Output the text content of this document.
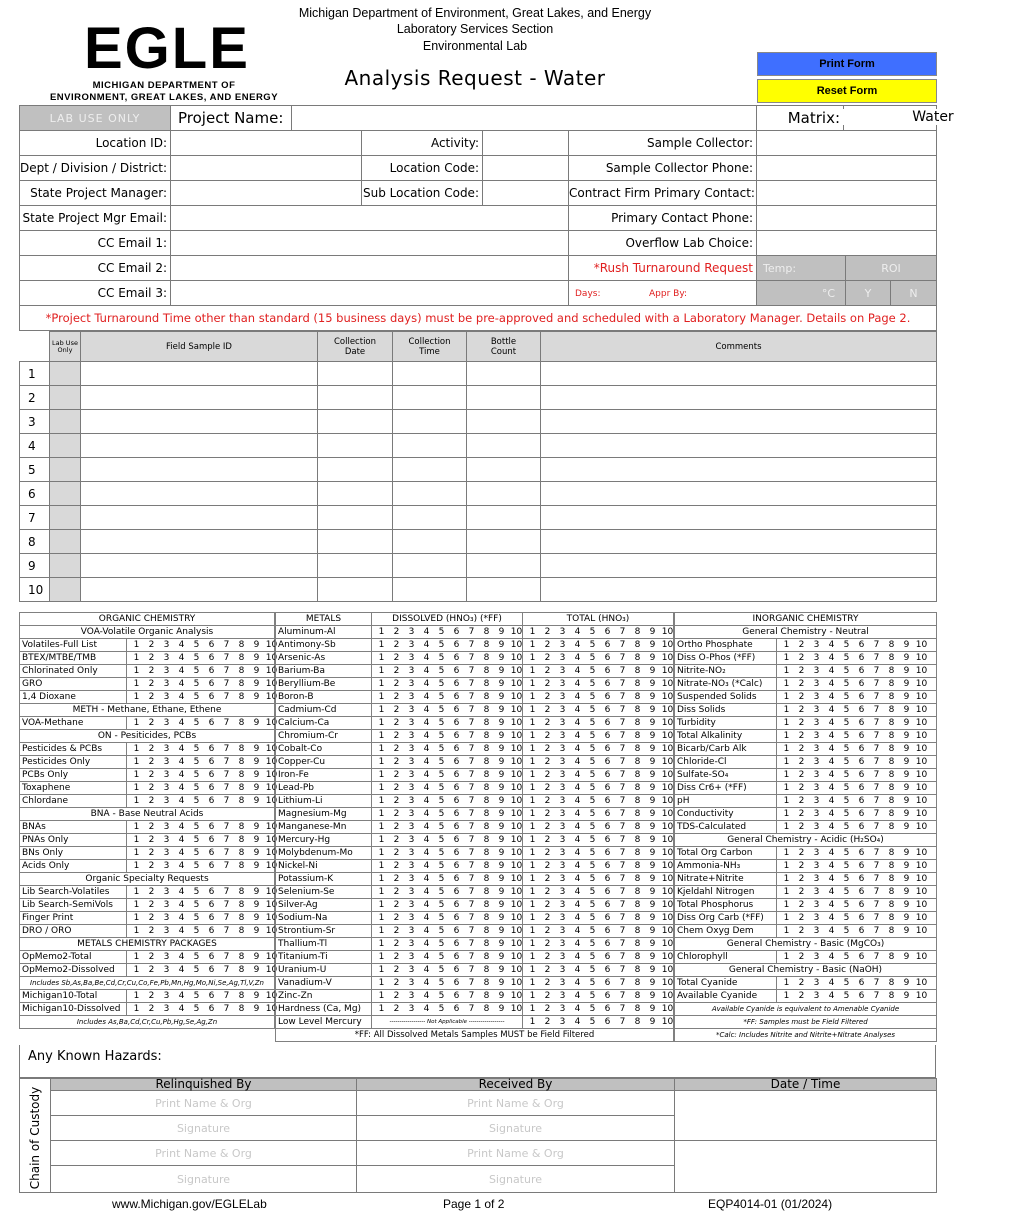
EGLE
MICHIGAN DEPARTMENT OF
ENVIRONMENT, GREAT LAKES, AND ENERGY
Michigan Department of Environment, Great Lakes, and Energy
Laboratory Services Section
Environmental Lab
Analysis Request - Water
Print Form
Reset Form
LAB USE ONLY	Project Name:	Matrix:	Water
Location ID:		Activity:		Sample Collector:			
Dept / Division / District:		Location Code:		Sample Collector Phone:			
State Project Manager:		Sub Location Code:		Contract Firm Primary Contact:			
State Project Mgr Email:				Primary Contact Phone:			
CC Email 1:				Overflow Lab Choice:			
CC Email 2:				*Rush Turnaround Request	Temp:	ROI	
CC Email 3:				Days: Appr By:	°C	Y	N
*Project Turnaround Time other than standard (15 business days) must be pre-approved and scheduled with a Laboratory Manager. Details on Page 2.							
	Lab Use Only	Field Sample ID	Collection Date	Collection Time	Bottle Count	Comments
1						
2						
3						
4						
5						
6						
7						
8						
9						
10						
ORGANIC CHEMISTRY	
VOA-Volatile Organic Analysis	
Volatiles-Full List	1 2 3 4 5 6 7 8 9 10
BTEX/MTBE/TMB	1 2 3 4 5 6 7 8 9 10
Chlorinated Only	1 2 3 4 5 6 7 8 9 10
GRO	1 2 3 4 5 6 7 8 9 10
1,4 Dioxane	1 2 3 4 5 6 7 8 9 10
METH - Methane, Ethane, Ethene	
VOA-Methane	1 2 3 4 5 6 7 8 9 10
ON - Pesiticides, PCBs	
Pesticides & PCBs	1 2 3 4 5 6 7 8 9 10
Pesticides Only	1 2 3 4 5 6 7 8 9 10
PCBs Only	1 2 3 4 5 6 7 8 9 10
Toxaphene	1 2 3 4 5 6 7 8 9 10
Chlordane	1 2 3 4 5 6 7 8 9 10
BNA - Base Neutral Acids	
BNAs	1 2 3 4 5 6 7 8 9 10
PNAs Only	1 2 3 4 5 6 7 8 9 10
BNs Only	1 2 3 4 5 6 7 8 9 10
Acids Only	1 2 3 4 5 6 7 8 9 10
Organic Specialty Requests	
Lib Search-Volatiles	1 2 3 4 5 6 7 8 9 10
Lib Search-SemiVols	1 2 3 4 5 6 7 8 9 10
Finger Print	1 2 3 4 5 6 7 8 9 10
DRO / ORO	1 2 3 4 5 6 7 8 9 10
METALS CHEMISTRY PACKAGES	
OpMemo2-Total	1 2 3 4 5 6 7 8 9 10
OpMemo2-Dissolved	1 2 3 4 5 6 7 8 9 10
Includes Sb,As,Ba,Be,Cd,Cr,Cu,Co,Fe,Pb,Mn,Hg,Mo,Ni,Se,Ag,Tl,V,Zn	
Michigan10-Total	1 2 3 4 5 6 7 8 9 10
Michigan10-Dissolved	1 2 3 4 5 6 7 8 9 10
Includes As,Ba,Cd,Cr,Cu,Pb,Hg,Se,Ag,Zn	
METALS	DISSOLVED (HNO₃) (*FF)	TOTAL (HNO₃)
Aluminum-Al	1 2 3 4 5 6 7 8 9 10	1 2 3 4 5 6 7 8 9 10
Antimony-Sb	1 2 3 4 5 6 7 8 9 10	1 2 3 4 5 6 7 8 9 10
Arsenic-As	1 2 3 4 5 6 7 8 9 10	1 2 3 4 5 6 7 8 9 10
Barium-Ba	1 2 3 4 5 6 7 8 9 10	1 2 3 4 5 6 7 8 9 10
Beryllium-Be	1 2 3 4 5 6 7 8 9 10	1 2 3 4 5 6 7 8 9 10
Boron-B	1 2 3 4 5 6 7 8 9 10	1 2 3 4 5 6 7 8 9 10
Cadmium-Cd	1 2 3 4 5 6 7 8 9 10	1 2 3 4 5 6 7 8 9 10
Calcium-Ca	1 2 3 4 5 6 7 8 9 10	1 2 3 4 5 6 7 8 9 10
Chromium-Cr	1 2 3 4 5 6 7 8 9 10	1 2 3 4 5 6 7 8 9 10
Cobalt-Co	1 2 3 4 5 6 7 8 9 10	1 2 3 4 5 6 7 8 9 10
Copper-Cu	1 2 3 4 5 6 7 8 9 10	1 2 3 4 5 6 7 8 9 10
Iron-Fe	1 2 3 4 5 6 7 8 9 10	1 2 3 4 5 6 7 8 9 10
Lead-Pb	1 2 3 4 5 6 7 8 9 10	1 2 3 4 5 6 7 8 9 10
Lithium-Li	1 2 3 4 5 6 7 8 9 10	1 2 3 4 5 6 7 8 9 10
Magnesium-Mg	1 2 3 4 5 6 7 8 9 10	1 2 3 4 5 6 7 8 9 10
Manganese-Mn	1 2 3 4 5 6 7 8 9 10	1 2 3 4 5 6 7 8 9 10
Mercury-Hg	1 2 3 4 5 6 7 8 9 10	1 2 3 4 5 6 7 8 9 10
Molybdenum-Mo	1 2 3 4 5 6 7 8 9 10	1 2 3 4 5 6 7 8 9 10
Nickel-Ni	1 2 3 4 5 6 7 8 9 10	1 2 3 4 5 6 7 8 9 10
Potassium-K	1 2 3 4 5 6 7 8 9 10	1 2 3 4 5 6 7 8 9 10
Selenium-Se	1 2 3 4 5 6 7 8 9 10	1 2 3 4 5 6 7 8 9 10
Silver-Ag	1 2 3 4 5 6 7 8 9 10	1 2 3 4 5 6 7 8 9 10
Sodium-Na	1 2 3 4 5 6 7 8 9 10	1 2 3 4 5 6 7 8 9 10
Strontium-Sr	1 2 3 4 5 6 7 8 9 10	1 2 3 4 5 6 7 8 9 10
Thallium-Tl	1 2 3 4 5 6 7 8 9 10	1 2 3 4 5 6 7 8 9 10
Titanium-Ti	1 2 3 4 5 6 7 8 9 10	1 2 3 4 5 6 7 8 9 10
Uranium-U	1 2 3 4 5 6 7 8 9 10	1 2 3 4 5 6 7 8 9 10
Vanadium-V	1 2 3 4 5 6 7 8 9 10	1 2 3 4 5 6 7 8 9 10
Zinc-Zn	1 2 3 4 5 6 7 8 9 10	1 2 3 4 5 6 7 8 9 10
Hardness (Ca, Mg)	1 2 3 4 5 6 7 8 9 10	1 2 3 4 5 6 7 8 9 10
Low Level Mercury	------------------ Not Applicable ------------------	1 2 3 4 5 6 7 8 9 10
*FF: All Dissolved Metals Samples MUST be Field Filtered		
INORGANIC CHEMISTRY	
General Chemistry - Neutral	
Ortho Phosphate	1 2 3 4 5 6 7 8 9 10
Diss O-Phos (*FF)	1 2 3 4 5 6 7 8 9 10
Nitrite-NO₂	1 2 3 4 5 6 7 8 9 10
Nitrate-NO₃ (*Calc)	1 2 3 4 5 6 7 8 9 10
Suspended Solids	1 2 3 4 5 6 7 8 9 10
Diss Solids	1 2 3 4 5 6 7 8 9 10
Turbidity	1 2 3 4 5 6 7 8 9 10
Total Alkalinity	1 2 3 4 5 6 7 8 9 10
Bicarb/Carb Alk	1 2 3 4 5 6 7 8 9 10
Chloride-Cl	1 2 3 4 5 6 7 8 9 10
Sulfate-SO₄	1 2 3 4 5 6 7 8 9 10
Diss Cr6+ (*FF)	1 2 3 4 5 6 7 8 9 10
pH	1 2 3 4 5 6 7 8 9 10
Conductivity	1 2 3 4 5 6 7 8 9 10
TDS-Calculated	1 2 3 4 5 6 7 8 9 10
General Chemistry - Acidic (H₂SO₄)	
Total Org Carbon	1 2 3 4 5 6 7 8 9 10
Ammonia-NH₃	1 2 3 4 5 6 7 8 9 10
Nitrate+Nitrite	1 2 3 4 5 6 7 8 9 10
Kjeldahl Nitrogen	1 2 3 4 5 6 7 8 9 10
Total Phosphorus	1 2 3 4 5 6 7 8 9 10
Diss Org Carb (*FF)	1 2 3 4 5 6 7 8 9 10
Chem Oxyg Dem	1 2 3 4 5 6 7 8 9 10
General Chemistry - Basic (MgCO₃)	
Chlorophyll	1 2 3 4 5 6 7 8 9 10
General Chemistry - Basic (NaOH)	
Total Cyanide	1 2 3 4 5 6 7 8 9 10
Available Cyanide	1 2 3 4 5 6 7 8 9 10
Available Cyanide is equivalent to Amenable Cyanide	
*FF: Samples must be Field Filtered	
*Calc: Includes Nitrite and Nitrite+Nitrate Analyses	
Any Known Hazards:
Chain of Custody	Relinquished By	Received By	Date / Time
	Print Name & Org	Print Name & Org	
	Signature	Signature	
	Print Name & Org	Print Name & Org	
	Signature	Signature	
www.Michigan.gov/EGLELab	Page 1 of 2	EQP4014-01 (01/2024)
